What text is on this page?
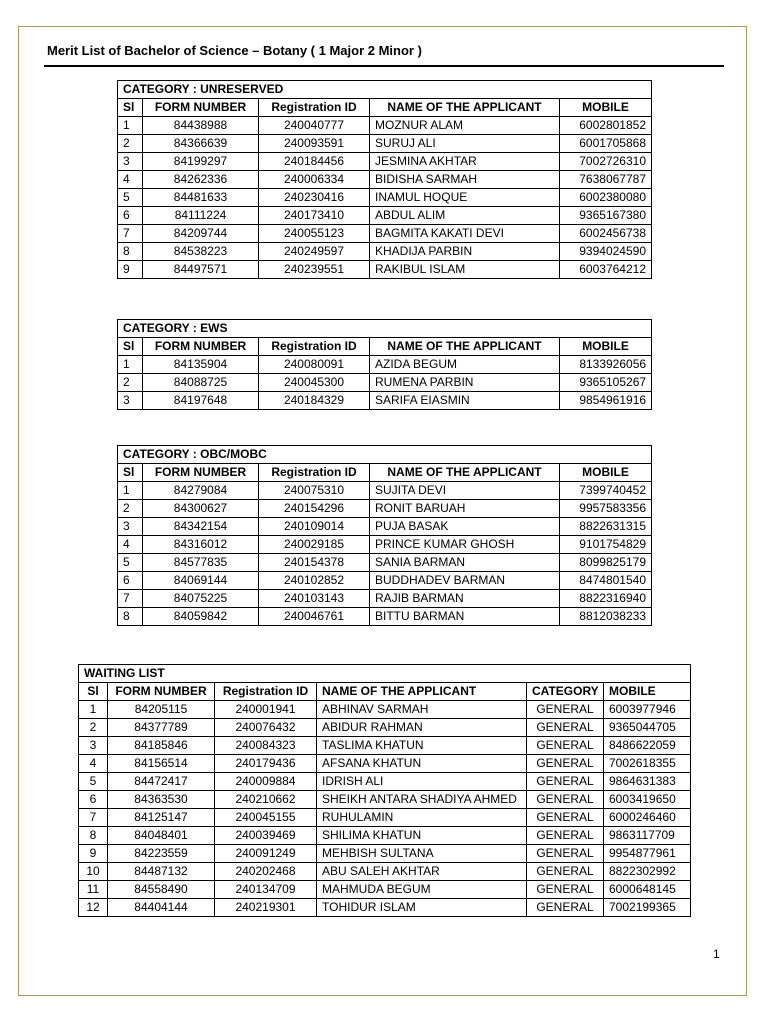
Merit List of Bachelor of Science – Botany ( 1 Major 2 Minor )
CATEGORY : UNRESERVED				
Sl	FORM NUMBER	Registration ID	NAME OF THE APPLICANT	MOBILE
1	84438988	240040777	MOZNUR ALAM	6002801852
2	84366639	240093591	SURUJ ALI	6001705868
3	84199297	240184456	JESMINA AKHTAR	7002726310
4	84262336	240006334	BIDISHA SARMAH	7638067787
5	84481633	240230416	INAMUL HOQUE	6002380080
6	84111224	240173410	ABDUL ALIM	9365167380
7	84209744	240055123	BAGMITA KAKATI DEVI	6002456738
8	84538223	240249597	KHADIJA PARBIN	9394024590
9	84497571	240239551	RAKIBUL ISLAM	6003764212
CATEGORY : EWS				
Sl	FORM NUMBER	Registration ID	NAME OF THE APPLICANT	MOBILE
1	84135904	240080091	AZIDA BEGUM	8133926056
2	84088725	240045300	RUMENA PARBIN	9365105267
3	84197648	240184329	SARIFA EIASMIN	9854961916
CATEGORY : OBC/MOBC				
Sl	FORM NUMBER	Registration ID	NAME OF THE APPLICANT	MOBILE
1	84279084	240075310	SUJITA DEVI	7399740452
2	84300627	240154296	RONIT BARUAH	9957583356
3	84342154	240109014	PUJA BASAK	8822631315
4	84316012	240029185	PRINCE KUMAR GHOSH	9101754829
5	84577835	240154378	SANIA BARMAN	8099825179
6	84069144	240102852	BUDDHADEV BARMAN	8474801540
7	84075225	240103143	RAJIB BARMAN	8822316940
8	84059842	240046761	BITTU BARMAN	8812038233
WAITING LIST					
Sl	FORM NUMBER	Registration ID	NAME OF THE APPLICANT	CATEGORY	MOBILE
1	84205115	240001941	ABHINAV SARMAH	GENERAL	6003977946
2	84377789	240076432	ABIDUR RAHMAN	GENERAL	9365044705
3	84185846	240084323	TASLIMA KHATUN	GENERAL	8486622059
4	84156514	240179436	AFSANA KHATUN	GENERAL	7002618355
5	84472417	240009884	IDRISH ALI	GENERAL	9864631383
6	84363530	240210662	SHEIKH ANTARA SHADIYA AHMED	GENERAL	6003419650
7	84125147	240045155	RUHULAMIN	GENERAL	6000246460
8	84048401	240039469	SHILIMA KHATUN	GENERAL	9863117709
9	84223559	240091249	MEHBISH SULTANA	GENERAL	9954877961
10	84487132	240202468	ABU SALEH AKHTAR	GENERAL	8822302992
11	84558490	240134709	MAHMUDA BEGUM	GENERAL	6000648145
12	84404144	240219301	TOHIDUR ISLAM	GENERAL	7002199365
1
